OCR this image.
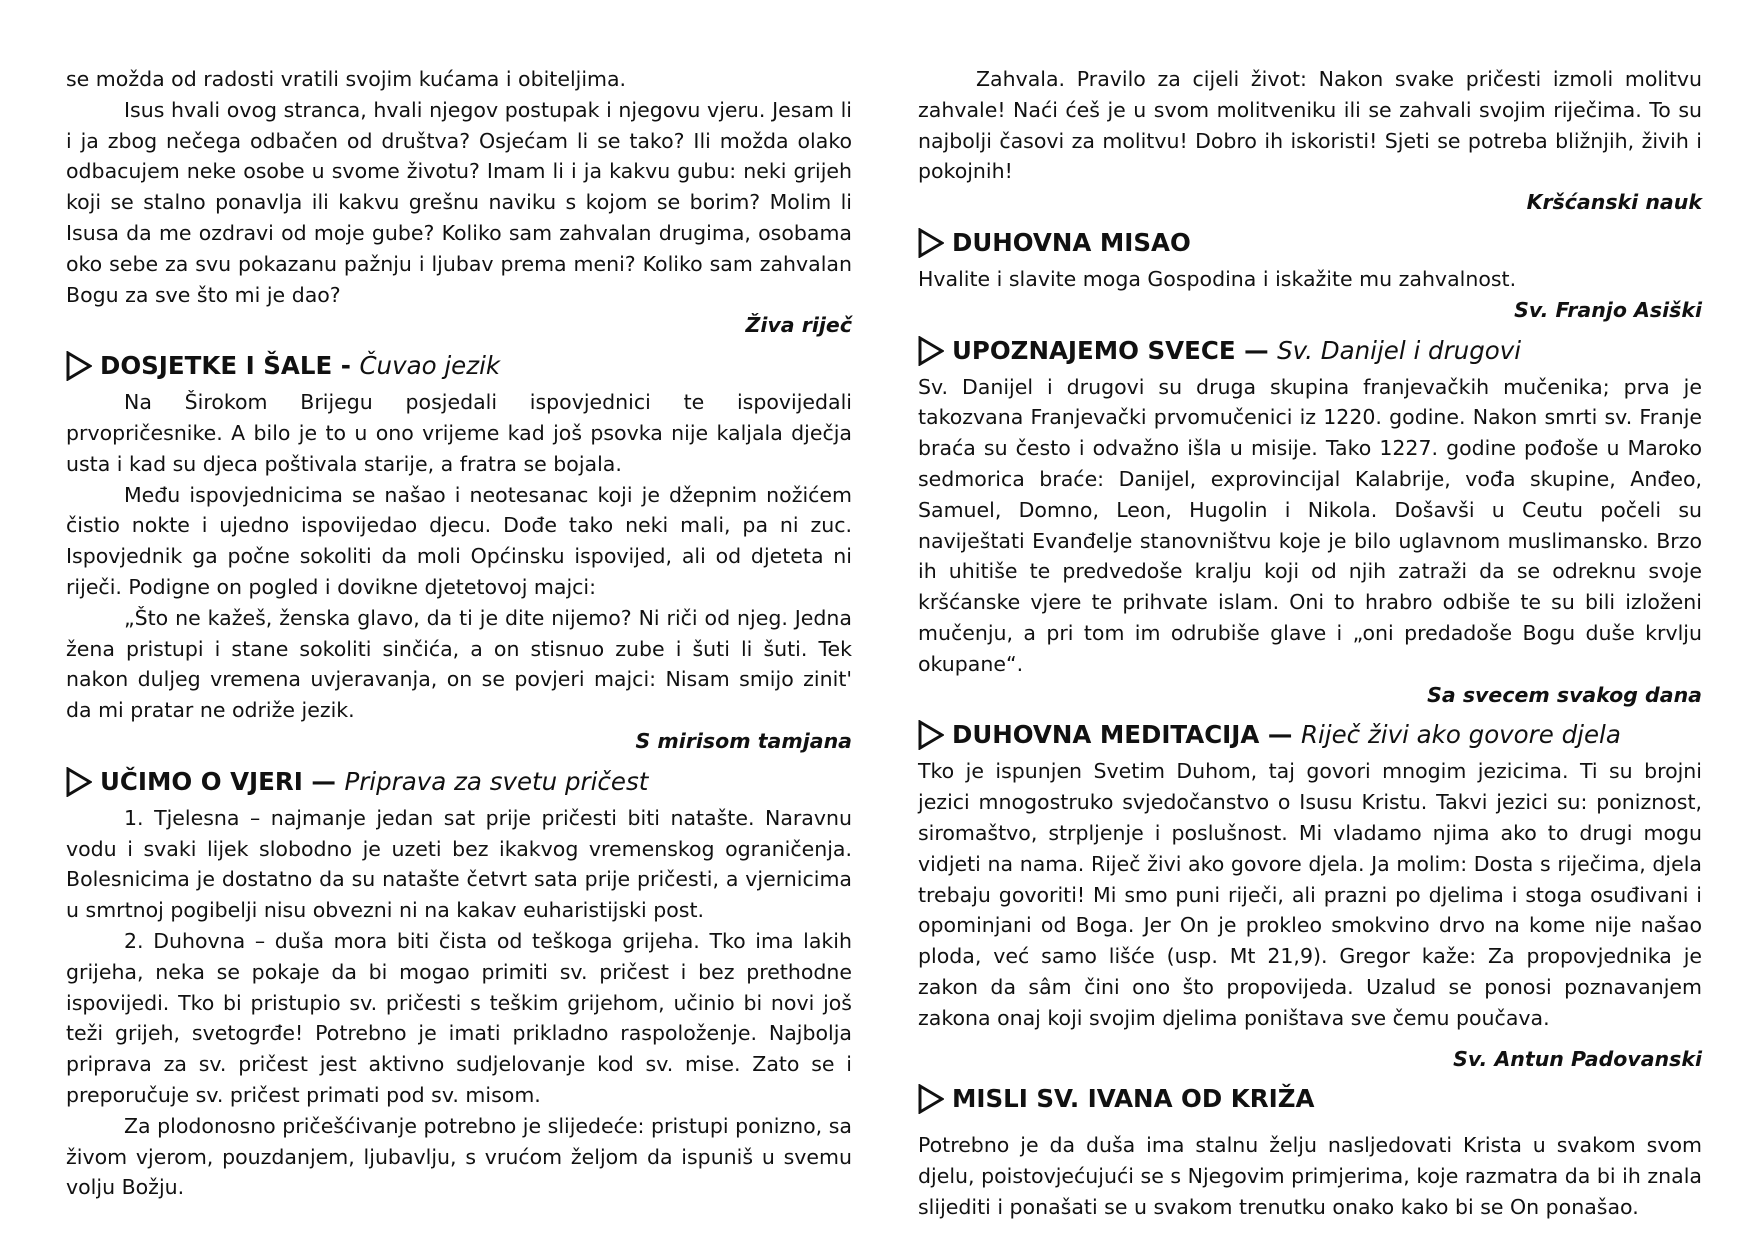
se možda od radosti vratili svojim kućama i obiteljima.

Isus hvali ovog stranca, hvali njegov postupak i njegovu vjeru. Jesam li i ja zbog nečega odbačen od društva? Osjećam li se tako? Ili možda olako odbacujem neke osobe u svome životu? Imam li i ja kakvu gubu: neki grijeh koji se stalno ponavlja ili kakvu grešnu naviku s kojom se borim? Molim li Isusa da me ozdravi od moje gube? Koliko sam zahvalan drugima, osobama oko sebe za svu pokazanu pažnju i ljubav prema meni? Koliko sam zahvalan Bogu za sve što mi je dao?

Živa riječ

DOSJETKE I ŠALE -
Čuvao jezik

Na Širokom Brijegu posjedali ispovjednici te ispovijedali prvopričesnike. A bilo je to u ono vrijeme kad još psovka nije kaljala dječja usta i kad su djeca poštivala starije, a fratra se bojala.

Među ispovjednicima se našao i neotesanac koji je džepnim nožićem čistio nokte i ujedno ispovijedao djecu. Dođe tako neki mali, pa ni zuc. Ispovjednik ga počne sokoliti da moli Općinsku ispovijed, ali od djeteta ni riječi. Podigne on pogled i dovikne djetetovoj majci:

„Što ne kažeš, ženska glavo, da ti je dite nijemo? Ni riči od njeg. Jedna žena pristupi i stane sokoliti sinčića, a on stisnuo zube i šuti li šuti. Tek nakon duljeg vremena uvjeravanja, on se povjeri majci: Nisam smijo zinit' da mi pratar ne odriže jezik.

S mirisom tamjana

UČIMO O VJERI
—
Priprava za svetu pričest

1. Tjelesna – najmanje jedan sat prije pričesti biti natašte. Naravnu vodu i svaki lijek slobodno je uzeti bez ikakvog vremenskog ograničenja. Bolesnicima je dostatno da su natašte četvrt sata prije pričesti, a vjernicima u smrtnoj pogibelji nisu obvezni ni na kakav euharistijski post.

2. Duhovna – duša mora biti čista od teškoga grijeha. Tko ima lakih grijeha, neka se pokaje da bi mogao primiti sv. pričest i bez prethodne ispovijedi. Tko bi pristupio sv. pričesti s teškim grijehom, učinio bi novi još teži grijeh, svetogrđe! Potrebno je imati prikladno raspoloženje. Najbolja priprava za sv. pričest jest aktivno sudjelovanje kod sv. mise. Zato se i preporučuje sv. pričest primati pod sv. misom.

Za plodonosno pričešćivanje potrebno je slijedeće: pristupi ponizno, sa živom vjerom, pouzdanjem, ljubavlju, s vrućom željom da ispuniš u svemu volju Božju.

Zahvala. Pravilo za cijeli život: Nakon svake pričesti izmoli molitvu zahvale! Naći ćeš je u svom molitveniku ili se zahvali svojim riječima. To su najbolji časovi za molitvu! Dobro ih iskoristi! Sjeti se potreba bližnjih, živih i pokojnih!

Kršćanski nauk

DUHOVNA MISAO

Hvalite i slavite moga Gospodina i iskažite mu zahvalnost.

Sv. Franjo Asiški

UPOZNAJEMO SVECE
—
Sv. Danijel i drugovi

Sv. Danijel i drugovi su druga skupina franjevačkih mučenika; prva je takozvana Franjevački prvomučenici iz 1220. godine. Nakon smrti sv. Franje braća su često i odvažno išla u misije. Tako 1227. godine pođoše u Maroko sedmorica braće: Danijel, exprovincijal Kalabrije, vođa skupine, Anđeo, Samuel, Domno, Leon, Hugolin i Nikola. Došavši u Ceutu počeli su naviještati Evanđelje stanovništvu koje je bilo uglavnom muslimansko. Brzo ih uhitiše te predvedoše kralju koji od njih zatraži da se odreknu svoje kršćanske vjere te prihvate islam. Oni to hrabro odbiše te su bili izloženi mučenju, a pri tom im odrubiše glave i „oni predadoše Bogu duše krvlju okupane“.

Sa svecem svakog dana

DUHOVNA MEDITACIJA
—
Riječ živi ako govore djela

Tko je ispunjen Svetim Duhom, taj govori mnogim jezicima. Ti su brojni jezici mnogostruko svjedočanstvo o Isusu Kristu. Takvi jezici su: poniznost, siromaštvo, strpljenje i poslušnost. Mi vladamo njima ako to drugi mogu vidjeti na nama. Riječ živi ako govore djela. Ja molim: Dosta s riječima, djela trebaju govoriti! Mi smo puni riječi, ali prazni po djelima i stoga osuđivani i opominjani od Boga. Jer On je prokleo smokvino drvo na kome nije našao ploda, već samo lišće (usp. Mt 21,9). Gregor kaže: Za propovjednika je zakon da sâm čini ono što propovijeda. Uzalud se ponosi poznavanjem zakona onaj koji svojim djelima poništava sve čemu poučava.

Sv. Antun Padovanski

MISLI SV. IVANA OD KRIŽA

Potrebno je da duša ima stalnu želju nasljedovati Krista u svakom svom djelu, poistovjećujući se s Njegovim primjerima, koje razmatra da bi ih znala slijediti i ponašati se u svakom trenutku onako kako bi se On ponašao.
